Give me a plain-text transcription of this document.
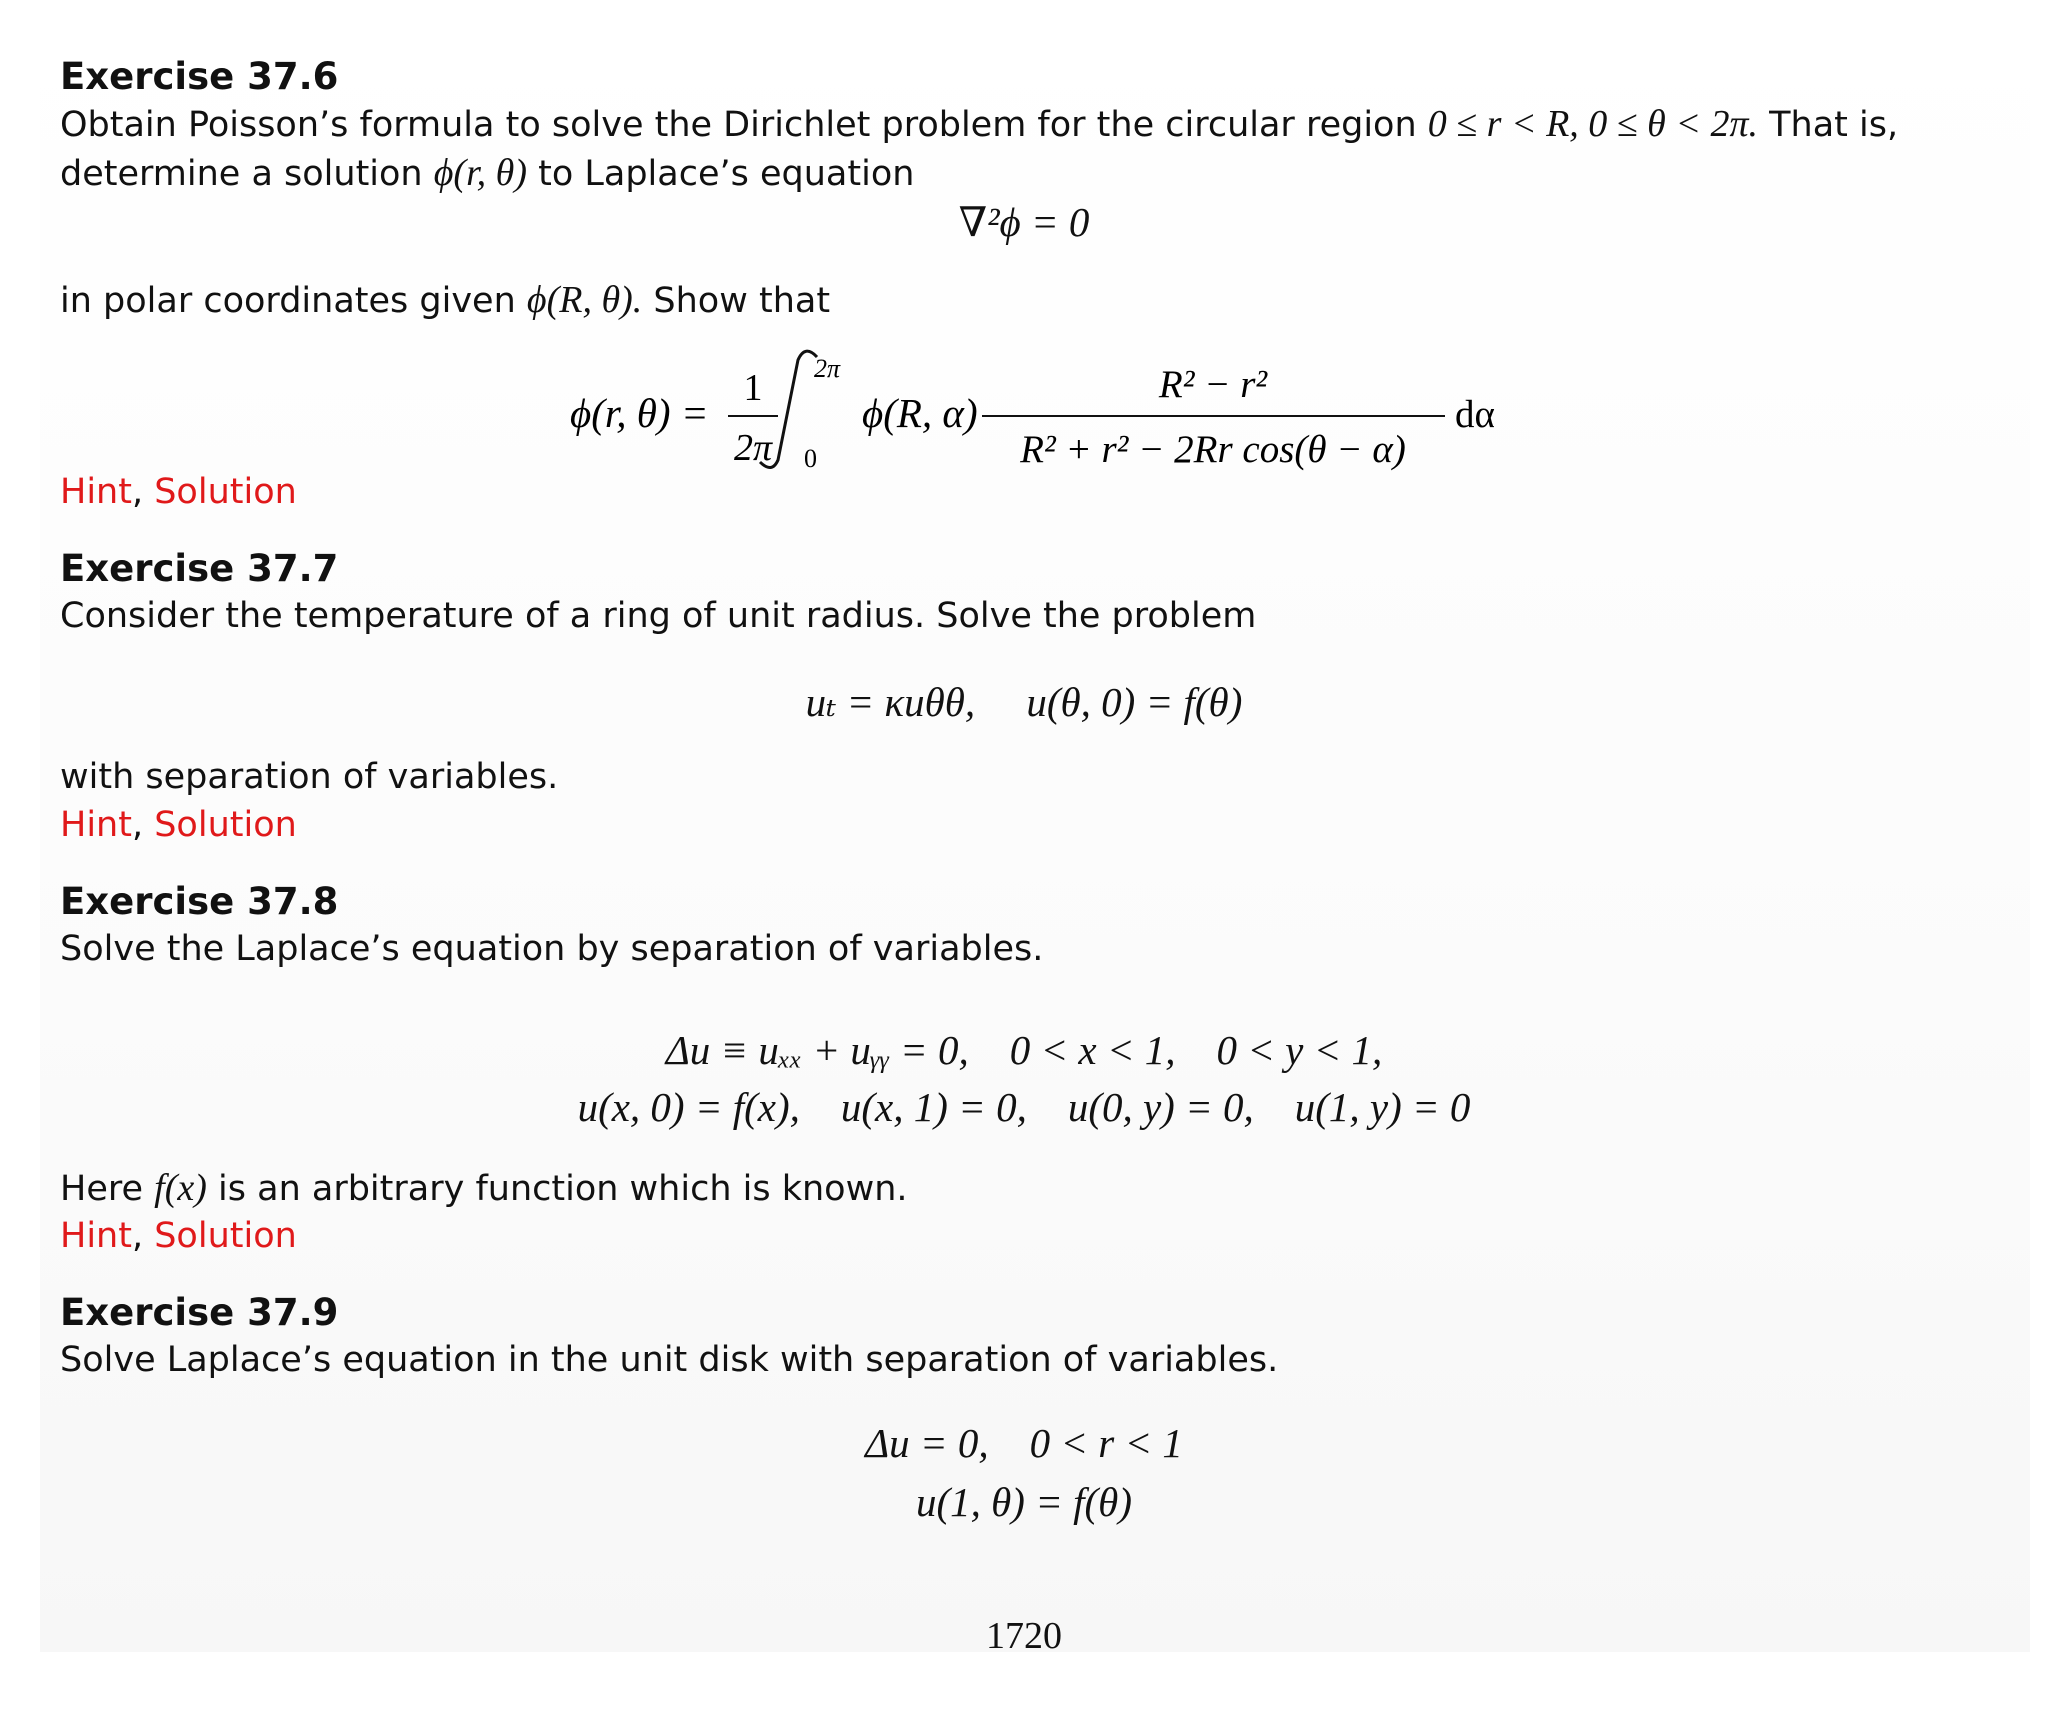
Exercise 37.6
Obtain Poisson’s formula to solve the Dirichlet problem for the circular region 0 ≤ r < R, 0 ≤ θ < 2π. That is,
determine a solution ϕ(r, θ) to Laplace’s equation
∇²ϕ = 0
in polar coordinates given ϕ(R, θ). Show that
ϕ(r, θ) =
1
2π
2π
0
ϕ(R, α)
R² − r²
R² + r² − 2Rr cos(θ − α)
dα
Hint, Solution
Exercise 37.7
Consider the temperature of a ring of unit radius. Solve the problem
uₜ = κuθθ,     u(θ, 0) = f(θ)
with separation of variables.
Hint, Solution
Exercise 37.8
Solve the Laplace’s equation by separation of variables.
Δu ≡ uₓₓ + uᵧᵧ = 0,    0 < x < 1,    0 < y < 1,
u(x, 0) = f(x),    u(x, 1) = 0,    u(0, y) = 0,    u(1, y) = 0
Here f(x) is an arbitrary function which is known.
Hint, Solution
Exercise 37.9
Solve Laplace’s equation in the unit disk with separation of variables.
Δu = 0,    0 < r < 1
u(1, θ) = f(θ)
1720
